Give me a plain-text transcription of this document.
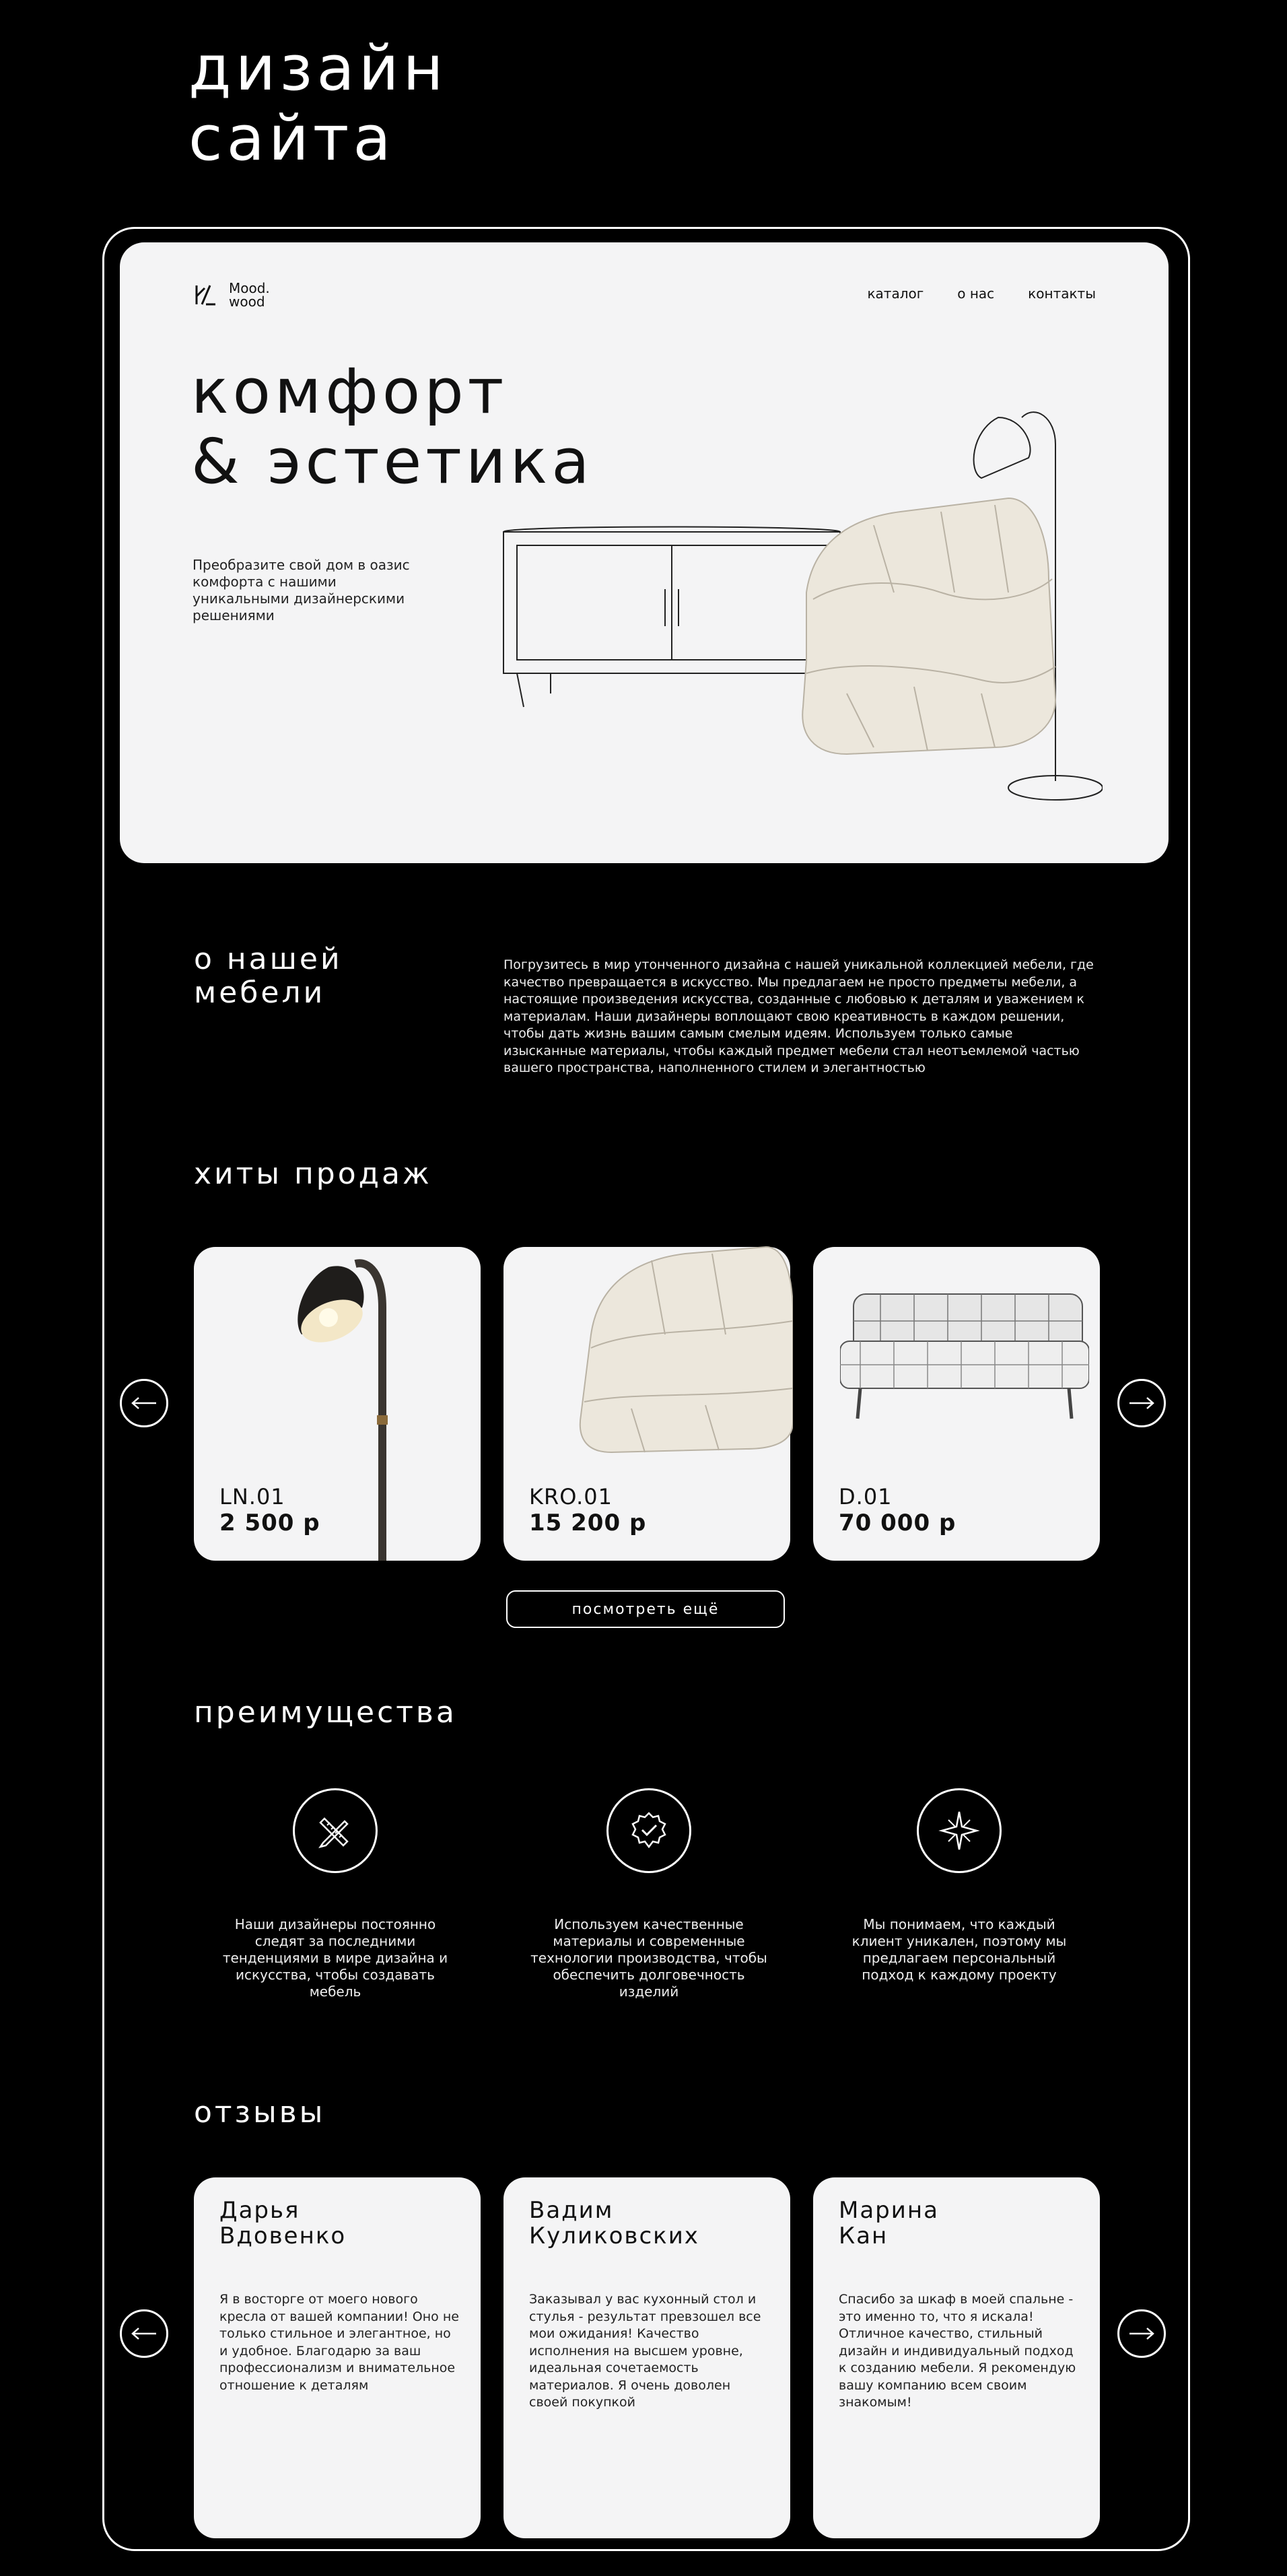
дизайн
сайта
Mood.
wood	каталог	о нас	контакты
комфорт
& эстетика

Преобразите свой дом в оазис комфорта с нашими уникальными дизайнерскими решениями

о нашей мебели

Погрузитесь в мир утонченного дизайна с нашей уникальной коллекцией мебели, где качество превращается в искусство. Мы предлагаем не просто предметы мебели, а настоящие произведения искусства, созданные с любовью к деталям и уважением к материалам. Наши дизайнеры воплощают свою креативность в каждом решении, чтобы дать жизнь вашим самым смелым идеям. Используем только самые изысканные материалы, чтобы каждый предмет мебели стал неотъемлемой частью вашего пространства, наполненного стилем и элегантностью

хиты продаж
LN.01
2 500 р
KRO.01
15 200 р
D.01
70 000 р
посмотреть ещё
преимущества

Наши дизайнеры постоянно следят за последними тенденциями в мире дизайна и искусства, чтобы создавать мебель

Используем качественные материалы и современные технологии производства, чтобы обеспечить долговечность изделий

Мы понимаем, что каждый клиент уникален, поэтому мы предлагаем персональный подход к каждому проекту

отзывы
Дарья
Вдовенко

Я в восторге от моего нового кресла от вашей компании! Оно не только стильное и элегантное, но и удобное. Благодарю за ваш профессионализм и внимательное отношение к деталям

Вадим
Куликовских

Заказывал у вас кухонный стол и стулья - результат превзошел все мои ожидания! Качество исполнения на высшем уровне, идеальная сочетаемость материалов. Я очень доволен своей покупкой

Марина
Кан

Спасибо за шкаф в моей спальне - это именно то, что я искала! Отличное качество, стильный дизайн и индивидуальный подход к созданию мебели. Я рекомендую вашу компанию всем своим знакомым!
